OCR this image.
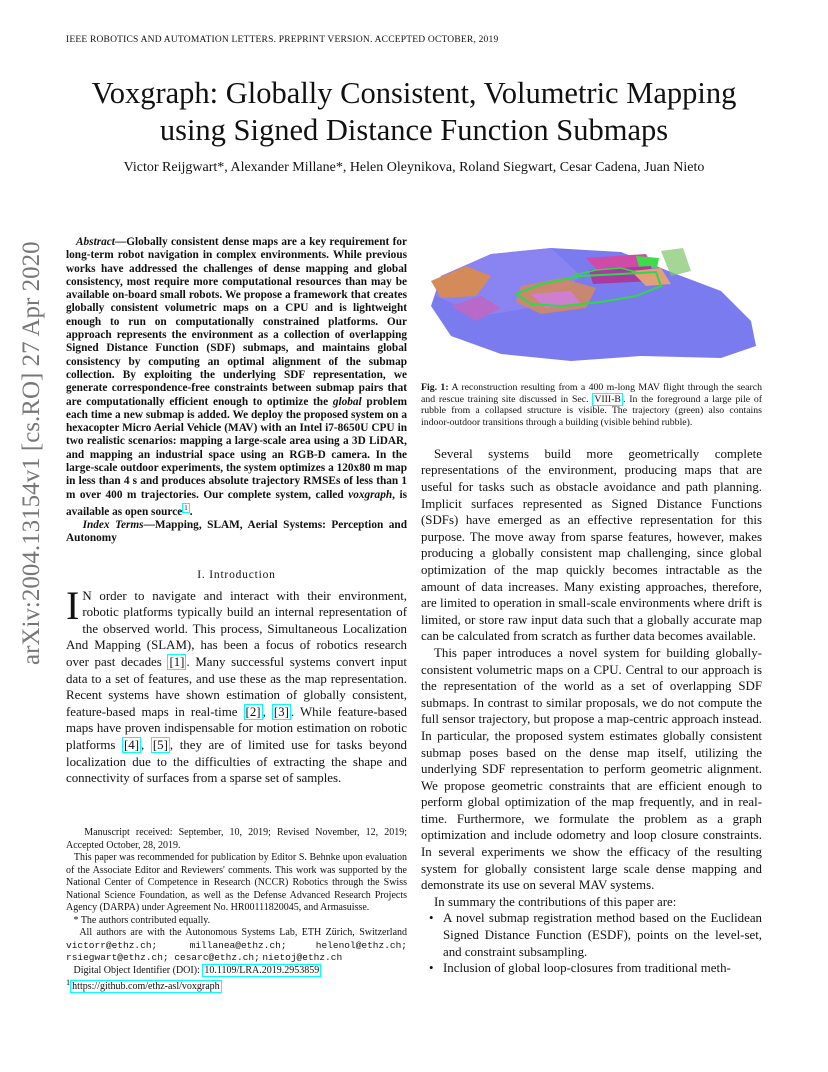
IEEE ROBOTICS AND AUTOMATION LETTERS. PREPRINT VERSION. ACCEPTED OCTOBER, 2019
arXiv:2004.13154v1 [cs.RO] 27 Apr 2020
Voxgraph: Globally Consistent, Volumetric Mapping
using Signed Distance Function Submaps
Victor Reijgwart*, Alexander Millane*, Helen Oleynikova, Roland Siegwart, Cesar Cadena, Juan Nieto
Abstract—Globally consistent dense maps are a key requirement for long-term robot navigation in complex environments. While previous works have addressed the challenges of dense mapping and global consistency, most require more computational resources than may be available on-board small robots. We propose a framework that creates globally consistent volumetric maps on a CPU and is lightweight enough to run on computationally constrained platforms. Our approach represents the environment as a collection of overlapping Signed Distance Function (SDF) submaps, and maintains global consistency by computing an optimal alignment of the submap collection. By exploiting the underlying SDF representation, we generate correspondence-free constraints between submap pairs that are computationally efficient enough to optimize the global problem each time a new submap is added. We deploy the proposed system on a hexacopter Micro Aerial Vehicle (MAV) with an Intel i7-8650U CPU in two realistic scenarios: mapping a large-scale area using a 3D LiDAR, and mapping an industrial space using an RGB-D camera. In the large-scale outdoor experiments, the system optimizes a 120x80 m map in less than 4 s and produces absolute trajectory RMSEs of less than 1 m over 400 m trajectories. Our complete system, called voxgraph, is available as open source $^1$ .
Index Terms—Mapping, SLAM, Aerial Systems: Perception and Autonomy
I. Introduction
I N order to navigate and interact with their environment, robotic platforms typically build an internal representation of the observed world. This process, Simultaneous Localization And Mapping (SLAM), has been a focus of robotics research over past decades [1] . Many successful systems convert input data to a set of features, and use these as the map representation. Recent systems have shown estimation of globally consistent, feature-based maps in real-time [2] , [3] . While feature-based maps have proven indispensable for motion estimation on robotic platforms [4] , [5] , they are of limited use for tasks beyond localization due to the difficulties of extracting the shape and connectivity of surfaces from a sparse set of samples.

Manuscript received: September, 10, 2019; Revised November, 12, 2019; Accepted October, 28, 2019.

This paper was recommended for publication by Editor S. Behnke upon evaluation of the Associate Editor and Reviewers' comments. This work was supported by the National Center of Competence in Research (NCCR) Robotics through the Swiss National Science Foundation, as well as the Defense Advanced Research Projects Agency (DARPA) under Agreement No. HR00111820045, and Armasuisse.

* The authors contributed equally.

All authors are with the Autonomous Systems Lab, ETH Zürich, Switzerland victorr@ethz.ch; millanea@ethz.ch;	helenol@ethz.ch; rsiegwart@ethz.ch; cesarc@ethz.ch; nietoj@ethz.ch

Digital Object Identifier (DOI): 10.1109/LRA.2019.2953859

$^1$ https://github.com/ethz-asl/voxgraph

Fig. 1: A reconstruction resulting from a 400 m-long MAV flight through the search and rescue training site discussed in Sec. VIII-B . In the foreground a large pile of rubble from a collapsed structure is visible. The trajectory (green) also contains indoor-outdoor transitions through a building (visible behind rubble).

Several systems build more geometrically complete representations of the environment, producing maps that are useful for tasks such as obstacle avoidance and path planning. Implicit surfaces represented as Signed Distance Functions (SDFs) have emerged as an effective representation for this purpose. The move away from sparse features, however, makes producing a globally consistent map challenging, since global optimization of the map quickly becomes intractable as the amount of data increases. Many existing approaches, therefore, are limited to operation in small-scale environments where drift is limited, or store raw input data such that a globally accurate map can be calculated from scratch as further data becomes available.

This paper introduces a novel system for building globally-consistent volumetric maps on a CPU. Central to our approach is the representation of the world as a set of overlapping SDF submaps. In contrast to similar proposals, we do not compute the full sensor trajectory, but propose a map-centric approach instead. In particular, the proposed system estimates globally consistent submap poses based on the dense map itself, utilizing the underlying SDF representation to perform geometric alignment. We propose geometric constraints that are efficient enough to perform global optimization of the map frequently, and in real-time. Furthermore, we formulate the problem as a graph optimization and include odometry and loop closure constraints. In several experiments we show the efficacy of the resulting system for globally consistent large scale dense mapping and demonstrate its use on several MAV systems.

In summary the contributions of this paper are:

• A novel submap registration method based on the Euclidean Signed Distance Function (ESDF), points on the level-set, and constraint subsampling.
• Inclusion of global loop-closures from traditional meth-
